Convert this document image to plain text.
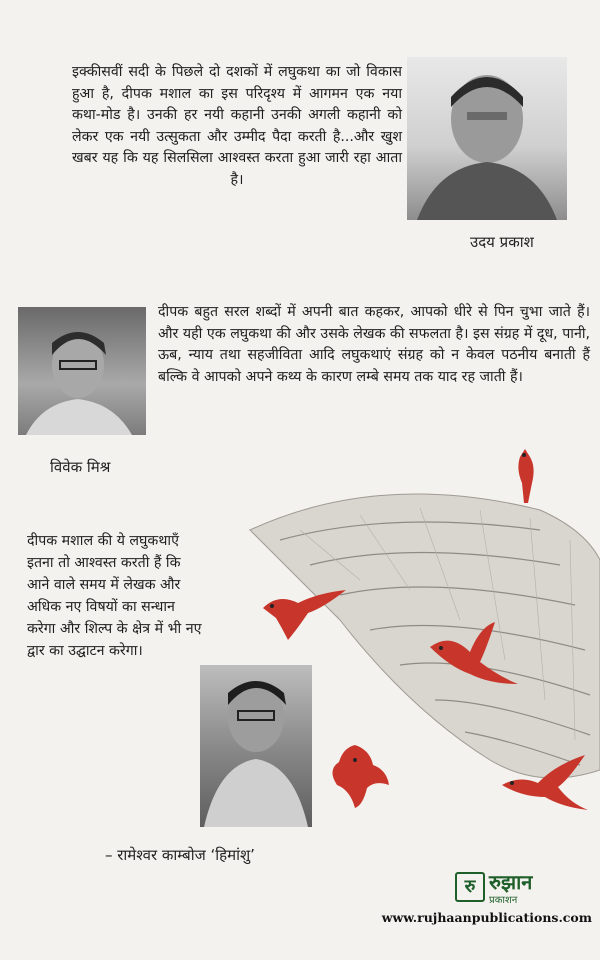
इक्कीसवीं सदी के पिछले दो दशकों में लघुकथा का जो विकास हुआ है, दीपक मशाल का इस परिदृश्य में आगमन एक नया कथा-मोड है। उनकी हर नयी कहानी उनकी अगली कहानी को लेकर एक नयी उत्सुकता और उम्मीद पैदा करती है...और खुश खबर यह कि यह सिलसिला आश्वस्त करता हुआ जारी रहा आता है।

उदय प्रकाश

दीपक बहुत सरल शब्दों में अपनी बात कहकर, आपको धीरे से पिन चुभा जाते हैं। और यही एक लघुकथा की और उसके लेखक की सफलता है। इस संग्रह में दूध, पानी, ऊब, न्याय तथा सहजीविता आदि लघुकथाएं संग्रह को न केवल पठनीय बनाती हैं बल्कि वे आपको अपने कथ्य के कारण लम्बे समय तक याद रह जाती हैं।

विवेक मिश्र

दीपक मशाल की ये लघुकथाएँ इतना तो आश्वस्त करती हैं कि आने वाले समय में लेखक और अधिक नए विषयों का सन्धान करेगा और शिल्प के क्षेत्र में भी नए द्वार का उद्घाटन करेगा।

– रामेश्वर काम्बोज ‘हिमांशु’

रु रुझान
प्रकाशन
www.rujhaanpublications.com
